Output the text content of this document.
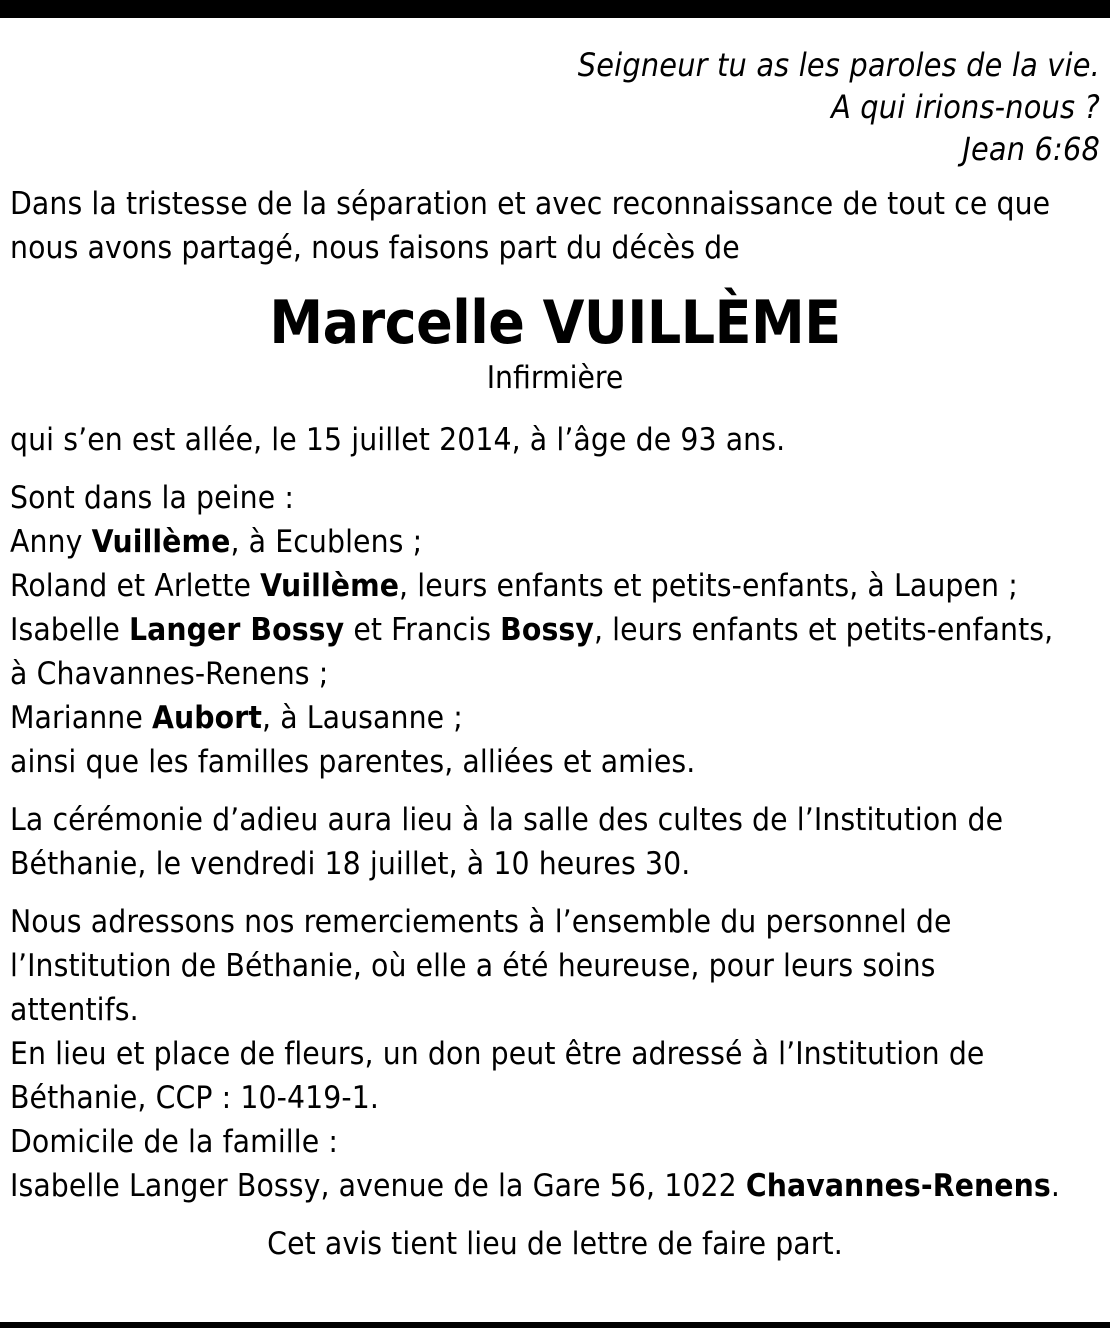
Seigneur tu as les paroles de la vie.
A qui irions-nous ?
Jean 6:68
Dans la tristesse de la séparation et avec reconnaissance de tout ce que
nous avons partagé, nous faisons part du décès de
Marcelle VUILLÈME
Infirmière
qui s’en est allée, le 15 juillet 2014, à l’âge de 93 ans.
Sont dans la peine :
Anny Vuillème, à Ecublens ;
Roland et Arlette Vuillème, leurs enfants et petits-enfants, à Laupen ;
Isabelle Langer Bossy et Francis Bossy, leurs enfants et petits-enfants,
à Chavannes-Renens ;
Marianne Aubort, à Lausanne ;
ainsi que les familles parentes, alliées et amies.
La cérémonie d’adieu aura lieu à la salle des cultes de l’Institution de
Béthanie, le vendredi 18 juillet, à 10 heures 30.
Nous adressons nos remerciements à l’ensemble du personnel de
l’Institution de Béthanie, où elle a été heureuse, pour leurs soins
attentifs.
En lieu et place de fleurs, un don peut être adressé à l’Institution de
Béthanie, CCP : 10-419-1.
Domicile de la famille :
Isabelle Langer Bossy, avenue de la Gare 56, 1022 Chavannes-Renens.
Cet avis tient lieu de lettre de faire part.
